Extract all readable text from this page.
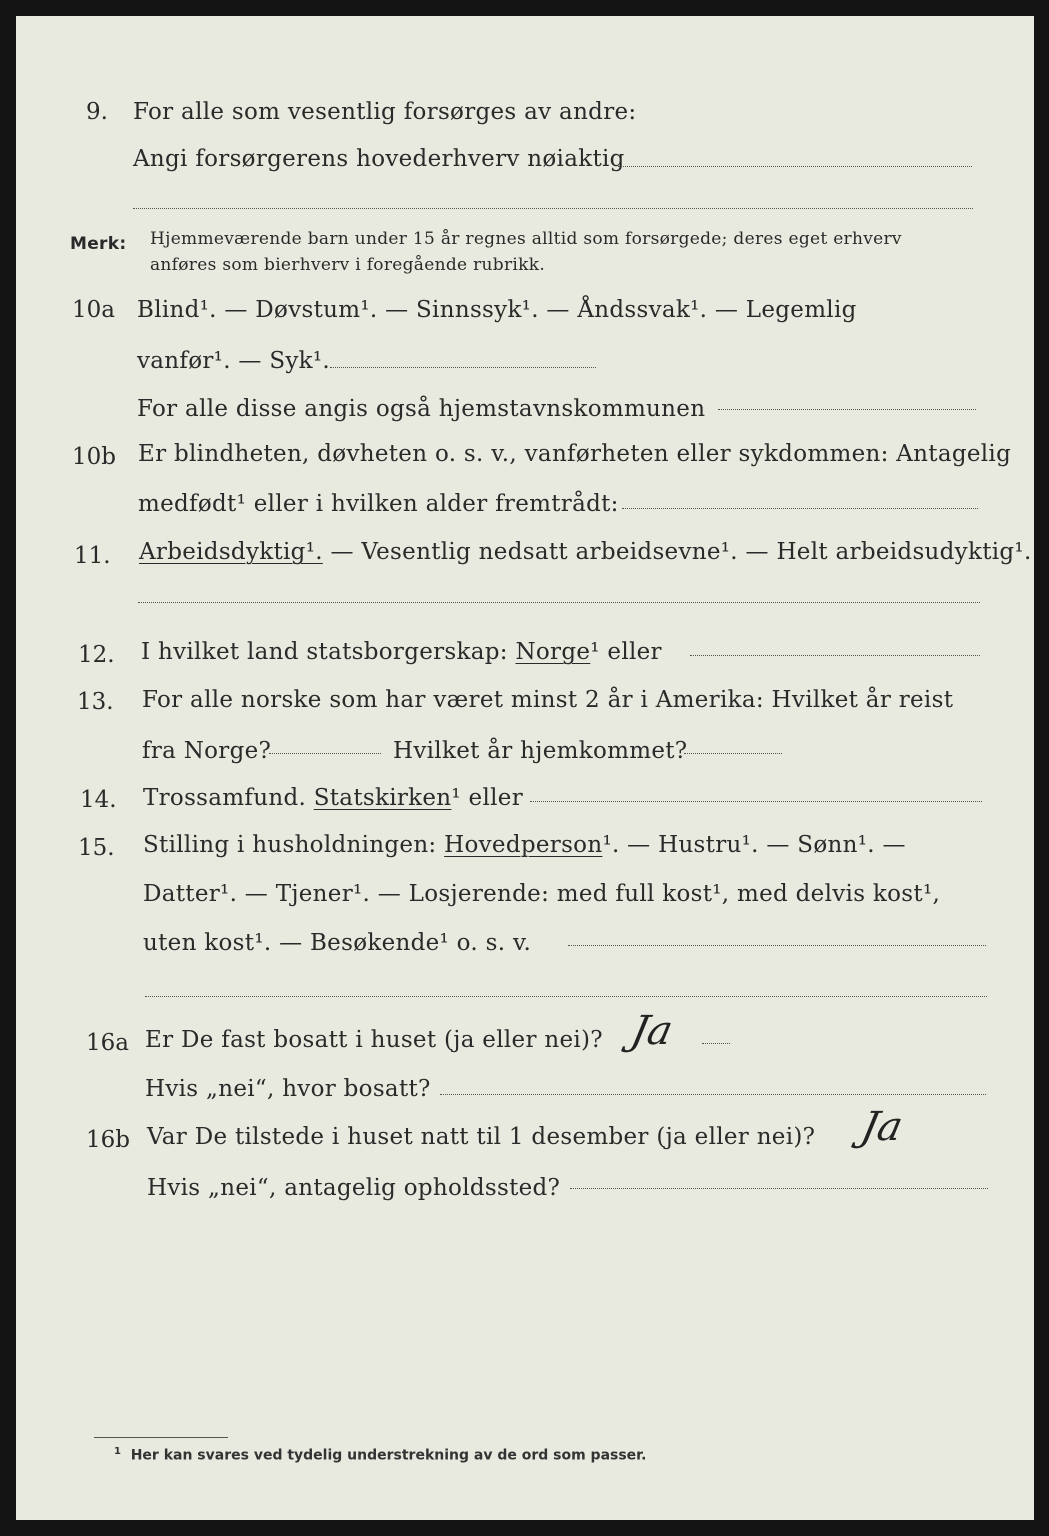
9. For alle som vesentlig forsørges av andre:
Angi forsørgerens hovederhverv nøiaktig
Merk: Hjemmeværende barn under 15 år regnes alltid som forsørgede; deres eget erhverv
anføres som bierhverv i foregående rubrikk.
10a Blind¹. — Døvstum¹. — Sinnssyk¹. — Åndssvak¹. — Legemlig
vanfør¹. — Syk¹.
For alle disse angis også hjemstavnskommunen
10b Er blindheten, døvheten o. s. v., vanførheten eller sykdommen: Antagelig
medfødt¹ eller i hvilken alder fremtrådt:
11. Arbeidsdyktig¹. — Vesentlig nedsatt arbeidsevne¹. — Helt arbeidsudyktig¹.
12. I hvilket land statsborgerskap: Norge¹ eller
13. For alle norske som har været minst 2 år i Amerika: Hvilket år reist
fra Norge?	Hvilket år hjemkommet?
14. Trossamfund. Statskirken¹ eller
15. Stilling i husholdningen: Hovedperson¹. — Hustru¹. — Sønn¹. —
Datter¹. — Tjener¹. — Losjerende: med full kost¹, med delvis kost¹,
uten kost¹. — Besøkende¹ o. s. v.
16a Er De fast bosatt i huset (ja eller nei)? Ja
Hvis „nei“, hvor bosatt?
16b Var De tilstede i huset natt til 1 desember (ja eller nei)? Ja
Hvis „nei“, antagelig opholdssted?
$^1$ Her kan svares ved tydelig understrekning av de ord som passer.
